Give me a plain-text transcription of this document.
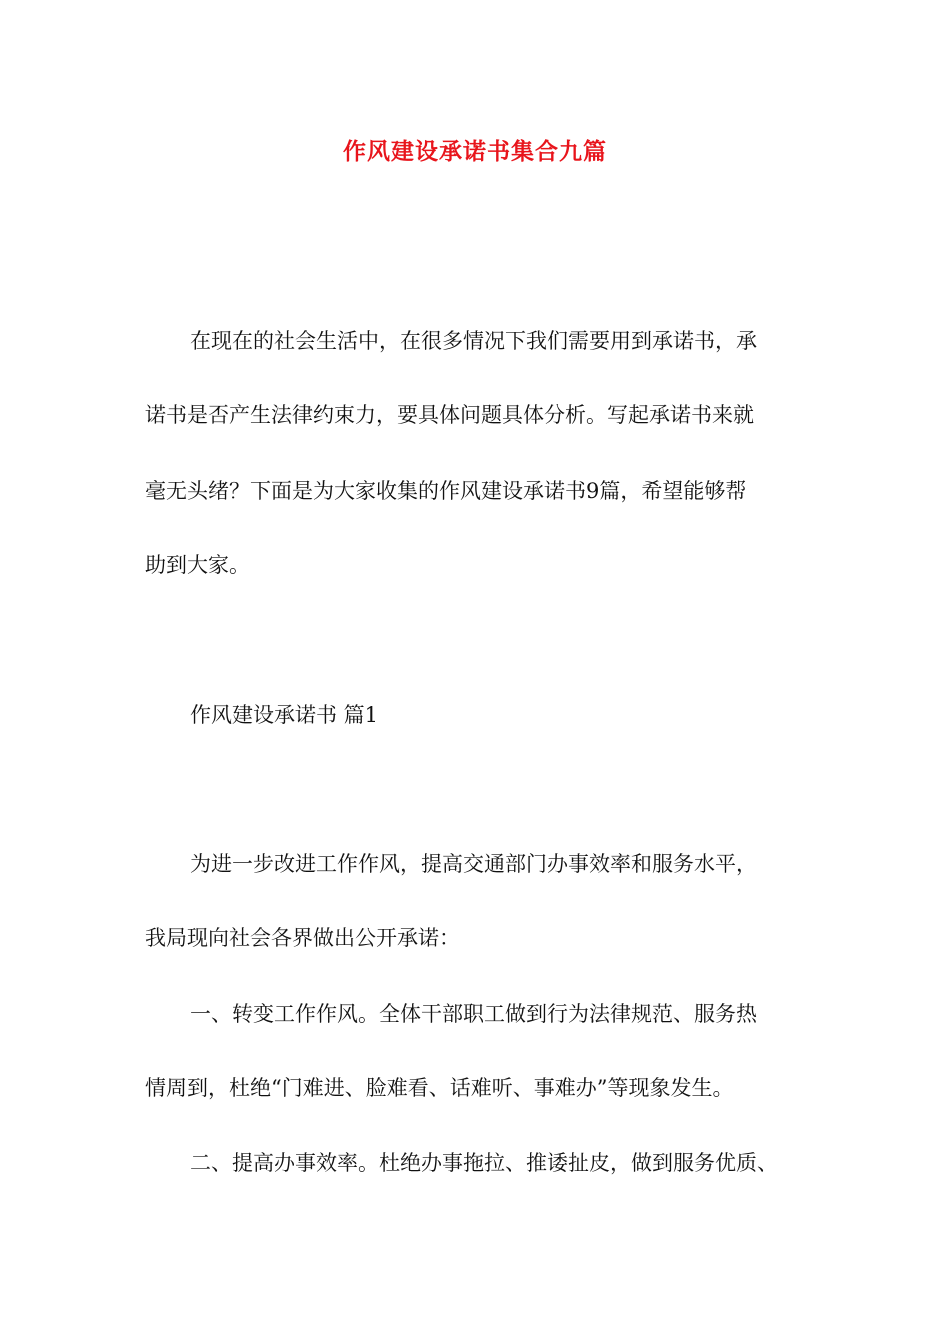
作风建设承诺书集合九篇

在现在的社会生活中，在很多情况下我们需要用到承诺书，承

诺书是否产生法律约束力，要具体问题具体分析。写起承诺书来就

毫无头绪？下面是为大家收集的作风建设承诺书9篇，希望能够帮

助到大家。

作风建设承诺书 篇1

为进一步改进工作作风，提高交通部门办事效率和服务水平，

我局现向社会各界做出公开承诺：

一、转变工作作风。全体干部职工做到行为法律规范、服务热

情周到，杜绝“门难进、脸难看、话难听、事难办”等现象发生。

二、提高办事效率。杜绝办事拖拉、推诿扯皮，做到服务优质、
